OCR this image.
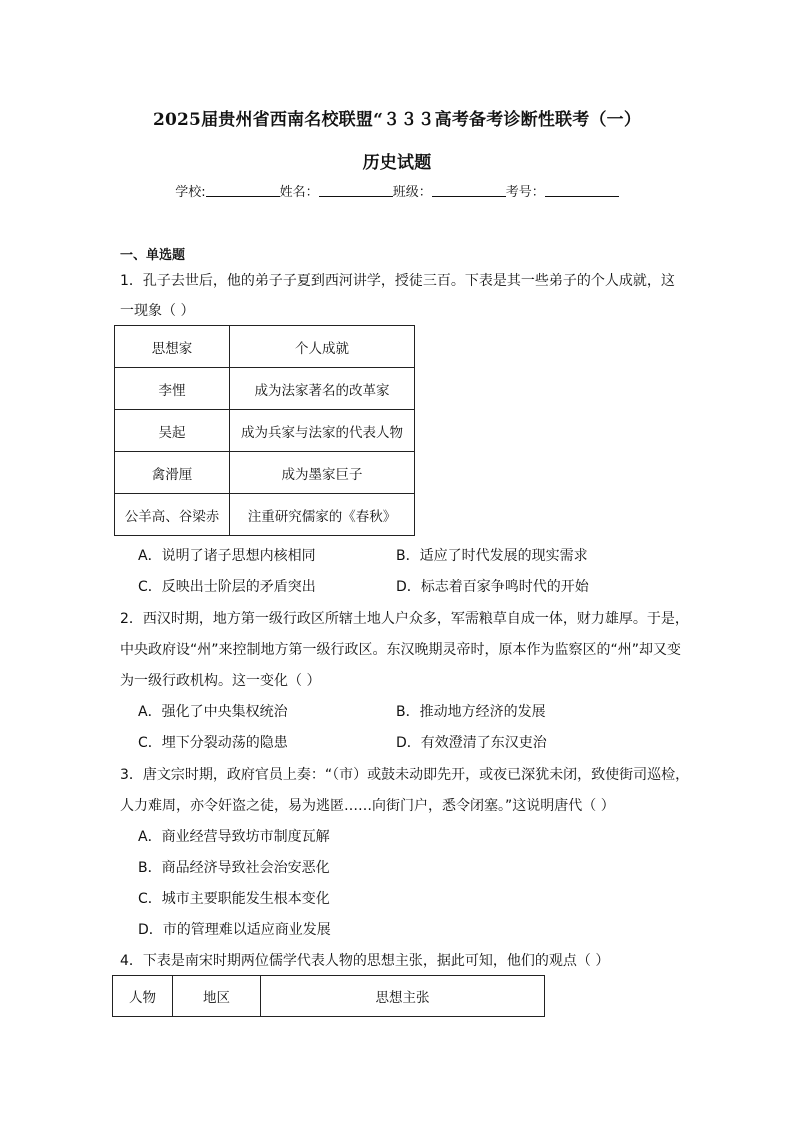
2025届贵州省西南名校联盟“３３３高考备考诊断性联考（一）
历史试题
学校:	姓名：	班级：	考号：
一、单选题
1．孔子去世后，他的弟子子夏到西河讲学，授徒三百。下表是其一些弟子的个人成就，这
一现象（ ）
思想家	个人成就
李悝	成为法家著名的改革家
吴起	成为兵家与法家的代表人物
禽滑厘	成为墨家巨子
公羊高、谷梁赤	注重研究儒家的《春秋》
A．说明了诸子思想内核相同	B．适应了时代发展的现实需求
C．反映出士阶层的矛盾突出	D．标志着百家争鸣时代的开始
2．西汉时期，地方第一级行政区所辖土地人户众多，军需粮草自成一体，财力雄厚。于是，
中央政府设“州”来控制地方第一级行政区。东汉晚期灵帝时，原本作为监察区的“州”却又变
为一级行政机构。这一变化（ ）
A．强化了中央集权统治	B．推动地方经济的发展
C．埋下分裂动荡的隐患	D．有效澄清了东汉吏治
3．唐文宗时期，政府官员上奏：“（市）或鼓未动即先开，或夜已深犹未闭，致使街司巡检，
人力难周，亦令奸盗之徒，易为逃匿……向街门户，悉令闭塞。”这说明唐代（ ）
A．商业经营导致坊市制度瓦解
B．商品经济导致社会治安恶化
C．城市主要职能发生根本变化
D．市的管理难以适应商业发展
4．下表是南宋时期两位儒学代表人物的思想主张，据此可知，他们的观点（ ）
人物	地区	思想主张
